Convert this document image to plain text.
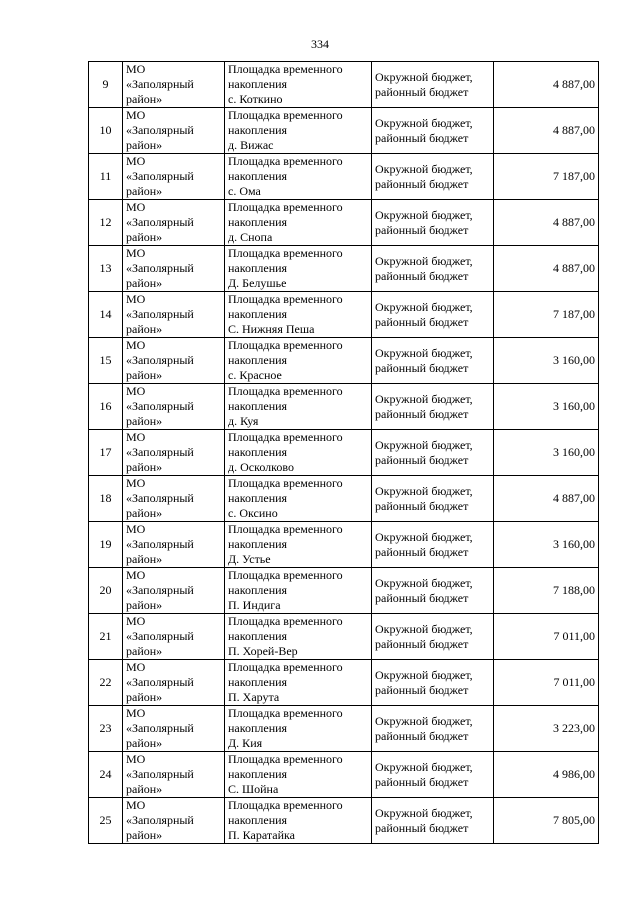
334
9	МО
«Заполярный
район»	Площадка временного
накопления
с. Коткино	Окружной бюджет,
районный бюджет	4 887,00
10	МО
«Заполярный
район»	Площадка временного
накопления
д. Вижас	Окружной бюджет,
районный бюджет	4 887,00
11	МО
«Заполярный
район»	Площадка временного
накопления
с. Ома	Окружной бюджет,
районный бюджет	7 187,00
12	МО
«Заполярный
район»	Площадка временного
накопления
д. Снопа	Окружной бюджет,
районный бюджет	4 887,00
13	МО
«Заполярный
район»	Площадка временного
накопления
Д. Белушье	Окружной бюджет,
районный бюджет	4 887,00
14	МО
«Заполярный
район»	Площадка временного
накопления
С. Нижняя Пеша	Окружной бюджет,
районный бюджет	7 187,00
15	МО
«Заполярный
район»	Площадка временного
накопления
с. Красное	Окружной бюджет,
районный бюджет	3 160,00
16	МО
«Заполярный
район»	Площадка временного
накопления
д. Куя	Окружной бюджет,
районный бюджет	3 160,00
17	МО
«Заполярный
район»	Площадка временного
накопления
д. Осколково	Окружной бюджет,
районный бюджет	3 160,00
18	МО
«Заполярный
район»	Площадка временного
накопления
с. Оксино	Окружной бюджет,
районный бюджет	4 887,00
19	МО
«Заполярный
район»	Площадка временного
накопления
Д. Устье	Окружной бюджет,
районный бюджет	3 160,00
20	МО
«Заполярный
район»	Площадка временного
накопления
П. Индига	Окружной бюджет,
районный бюджет	7 188,00
21	МО
«Заполярный
район»	Площадка временного
накопления
П. Хорей-Вер	Окружной бюджет,
районный бюджет	7 011,00
22	МО
«Заполярный
район»	Площадка временного
накопления
П. Харута	Окружной бюджет,
районный бюджет	7 011,00
23	МО
«Заполярный
район»	Площадка временного
накопления
Д. Кия	Окружной бюджет,
районный бюджет	3 223,00
24	МО
«Заполярный
район»	Площадка временного
накопления
С. Шойна	Окружной бюджет,
районный бюджет	4 986,00
25	МО
«Заполярный
район»	Площадка временного
накопления
П. Каратайка	Окружной бюджет,
районный бюджет	7 805,00
